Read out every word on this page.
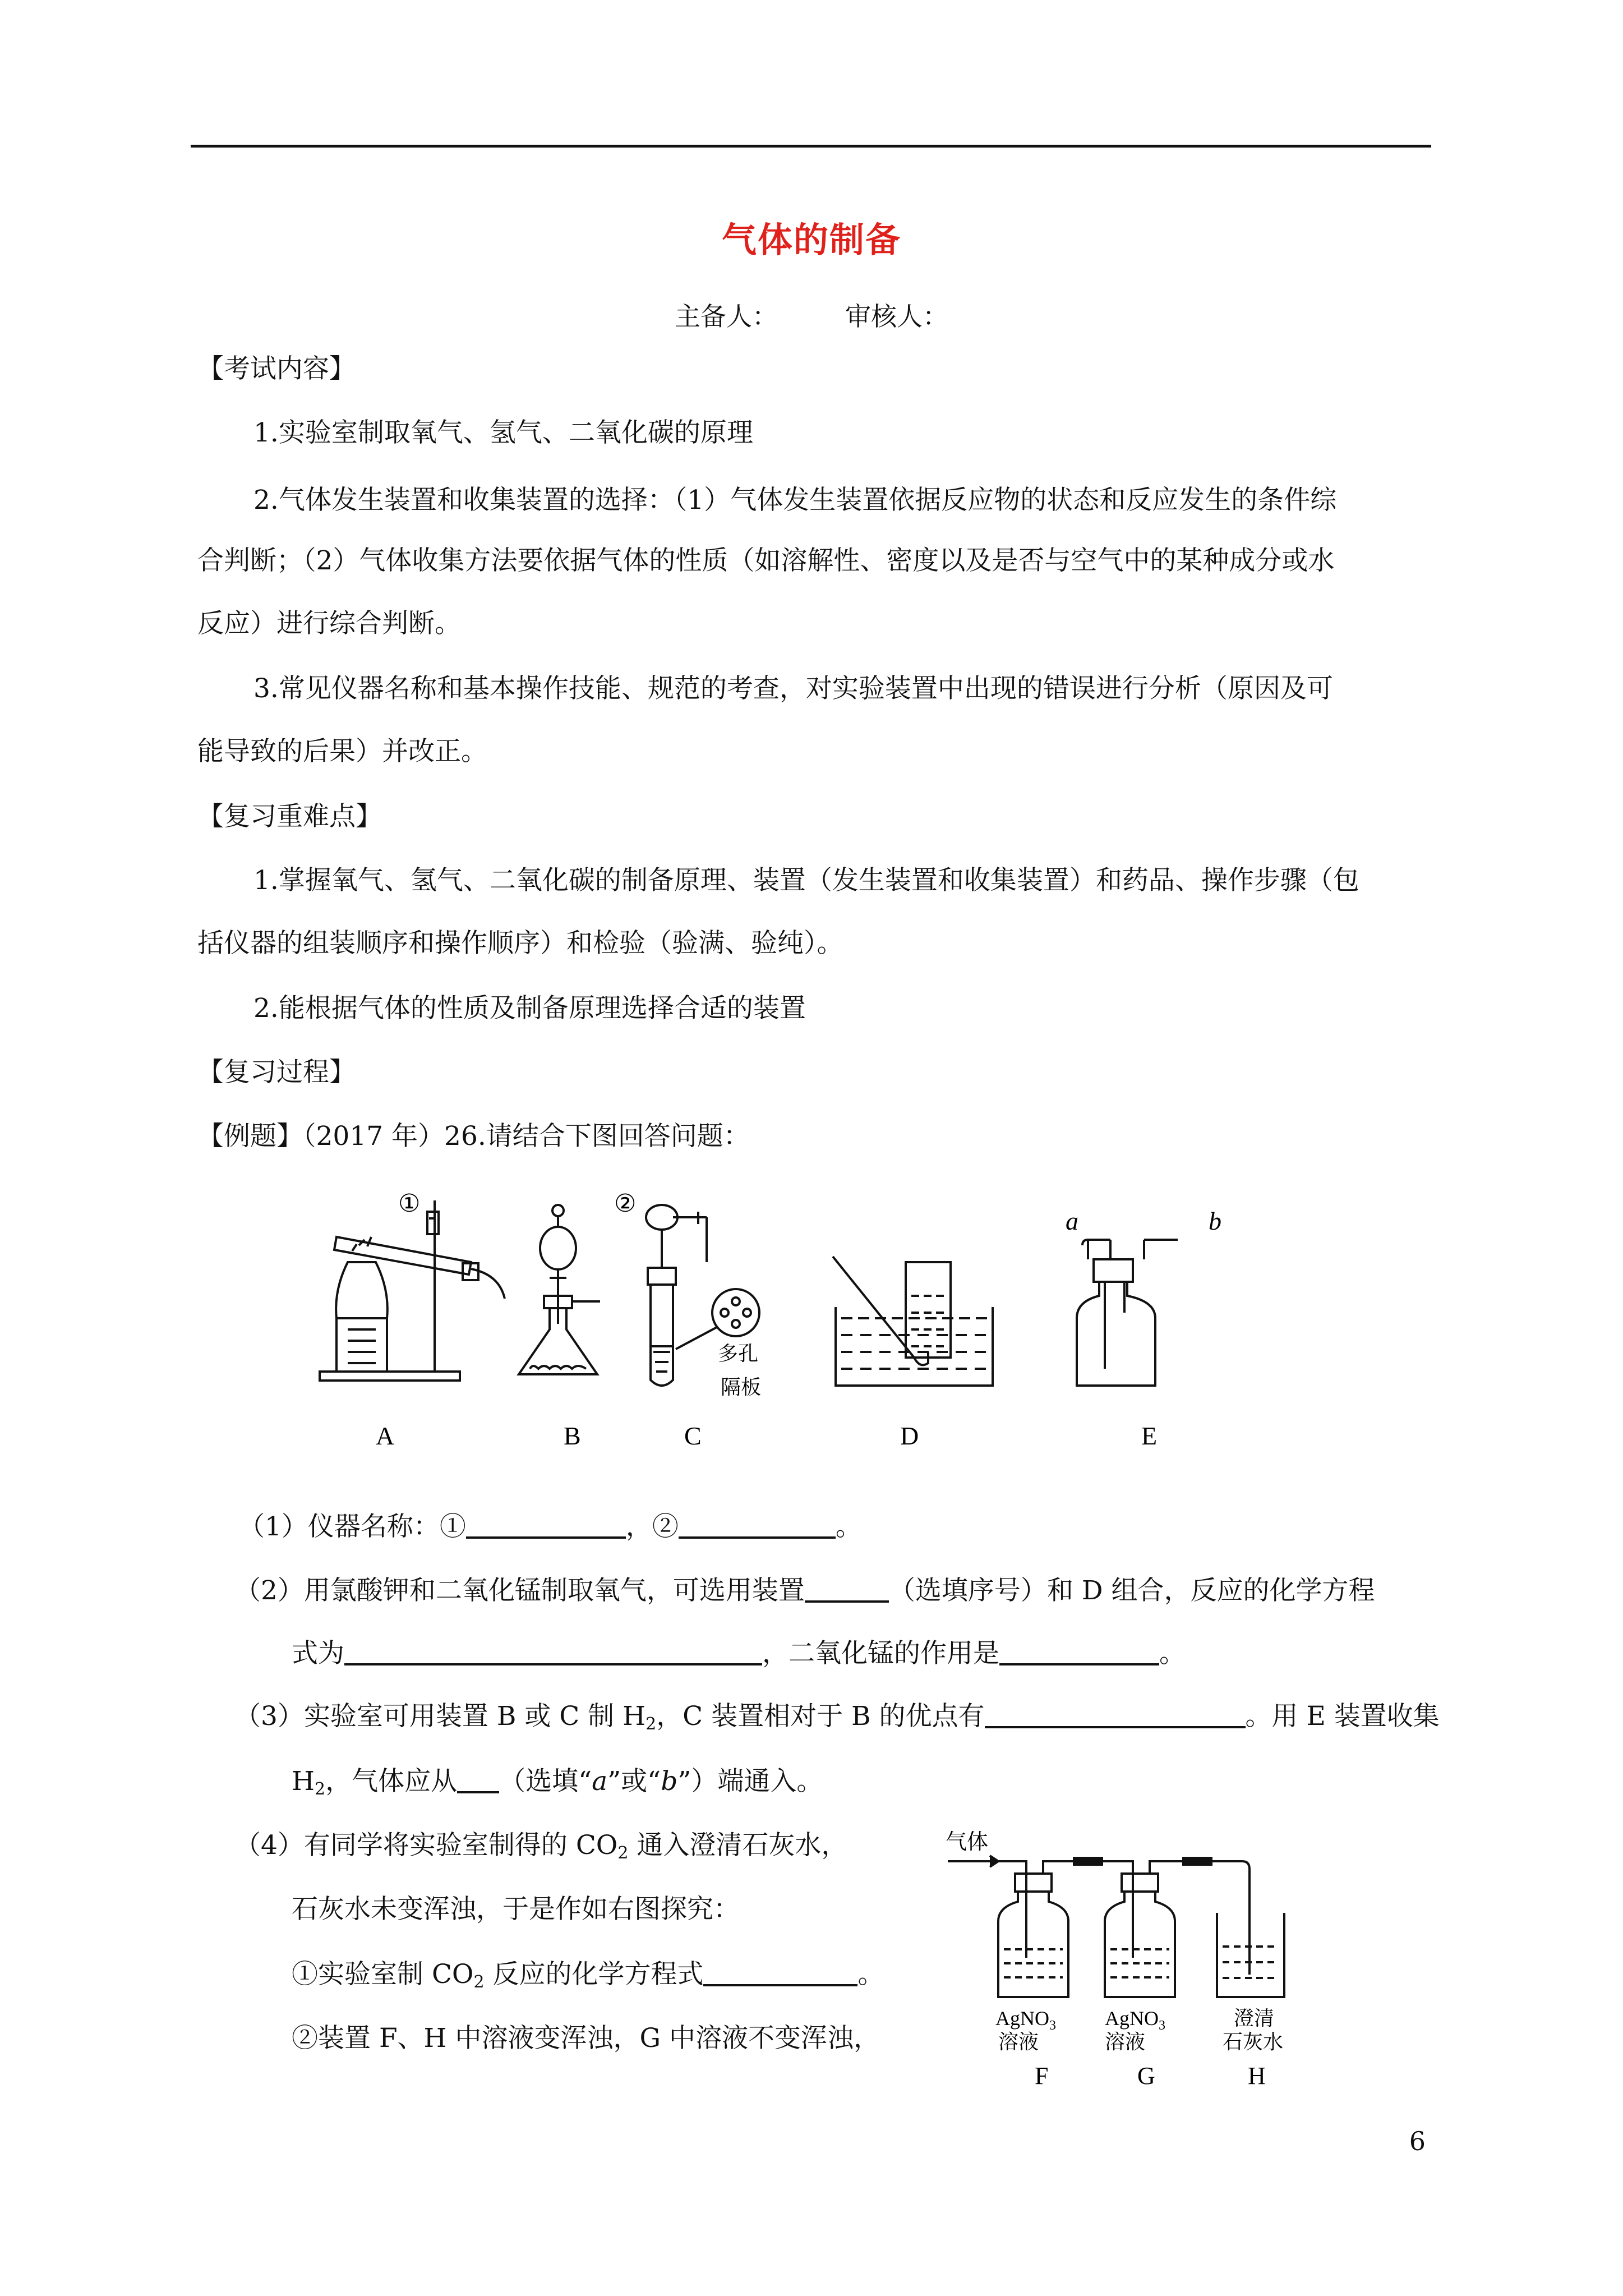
气体的制备
主备人：	审核人：
【考试内容】
1.实验室制取氧气、氢气、二氧化碳的原理
2.气体发生装置和收集装置的选择：（1）气体发生装置依据反应物的状态和反应发生的条件综
合判断；（2）气体收集方法要依据气体的性质（如溶解性、密度以及是否与空气中的某种成分或水
反应）进行综合判断。
3.常见仪器名称和基本操作技能、规范的考查，对实验装置中出现的错误进行分析（原因及可
能导致的后果）并改正。
【复习重难点】
1.掌握氧气、氢气、二氧化碳的制备原理、装置（发生装置和收集装置）和药品、操作步骤（包
括仪器的组装顺序和操作顺序）和检验（验满、验纯）。
2.能根据气体的性质及制备原理选择合适的装置
【复习过程】
【例题】（2017 年）26.请结合下图回答问题：
①	②
多孔
隔板
a	b
A	B	C	D	E
（1）仪器名称：①	，②	。
（2）用氯酸钾和二氧化锰制取氧气，可选用装置	（选填序号）和 D 组合，反应的化学方程
式为	，二氧化锰的作用是	。
（3）实验室可用装置 B 或 C 制 $H_2$，C 装置相对于 B 的优点有	。用 E 装置收集
$H_2$，气体应从 （选填“a”或“b”）端通入。
（4）有同学将实验室制得的 $CO_2$ 通入澄清石灰水，
石灰水未变浑浊，于是作如右图探究：
①实验室制 $CO_2$ 反应的化学方程式	。
②装置 F、H 中溶液变浑浊，G 中溶液不变浑浊，
气体
AgNO$_3$
溶液
AgNO$_3$
溶液
澄清
石灰水
F	G	H
6
